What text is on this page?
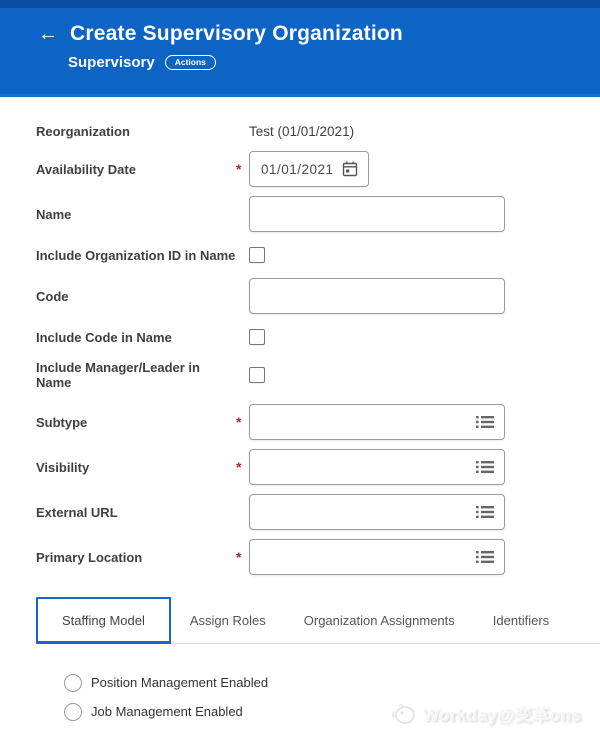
← Create Supervisory Organization
Supervisory	Actions
Reorganization	Test (01/01/2021)
Availability Date	*	01/01/2021
Name
Include Organization ID in Name
Code
Include Code in Name
Include Manager/Leader in Name
Subtype	*
Visibility	*
External URL
Primary Location	*
Staffing Model	Assign Roles	Organization Assignments	Identifiers
Position Management Enabled
Job Management Enabled	Workday@变革ons
